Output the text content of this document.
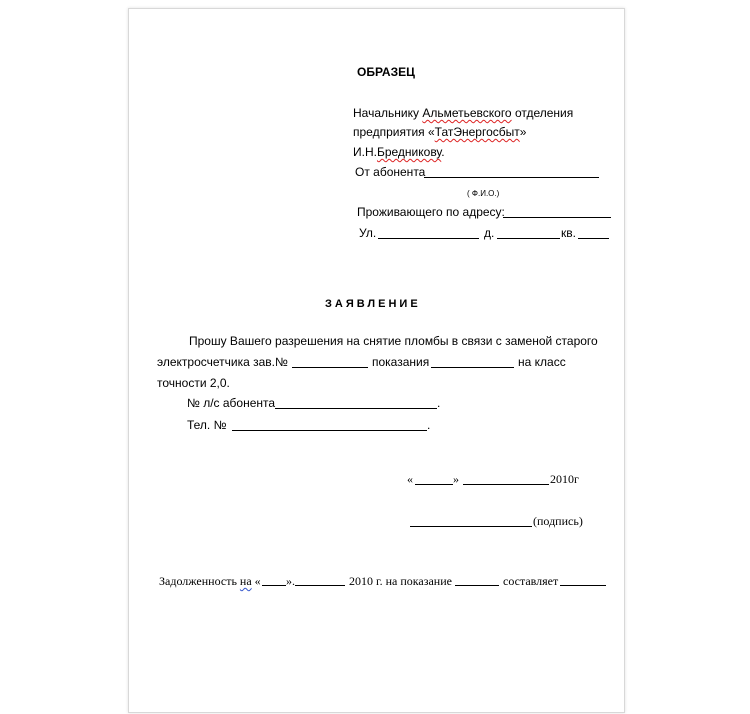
ОБРАЗЕЦ
Начальнику Альметьевского отделения
предприятия «ТатЭнергосбыт»
И.Н.Бредникову.
От абонента
( Ф.И.О.)
Проживающего по адресу:
Ул.	д.	кв.
ЗАЯВЛЕНИЕ
Прошу Вашего разрешения на снятие пломбы в связи с заменой старого
электросчетчика зав.№	показания	на класс
точности 2,0.
№ л/с абонента	.
Тел. №	.
«	»	2010г
(подпись)
Задолженность на « ».	2010 г. на показание	составляет
